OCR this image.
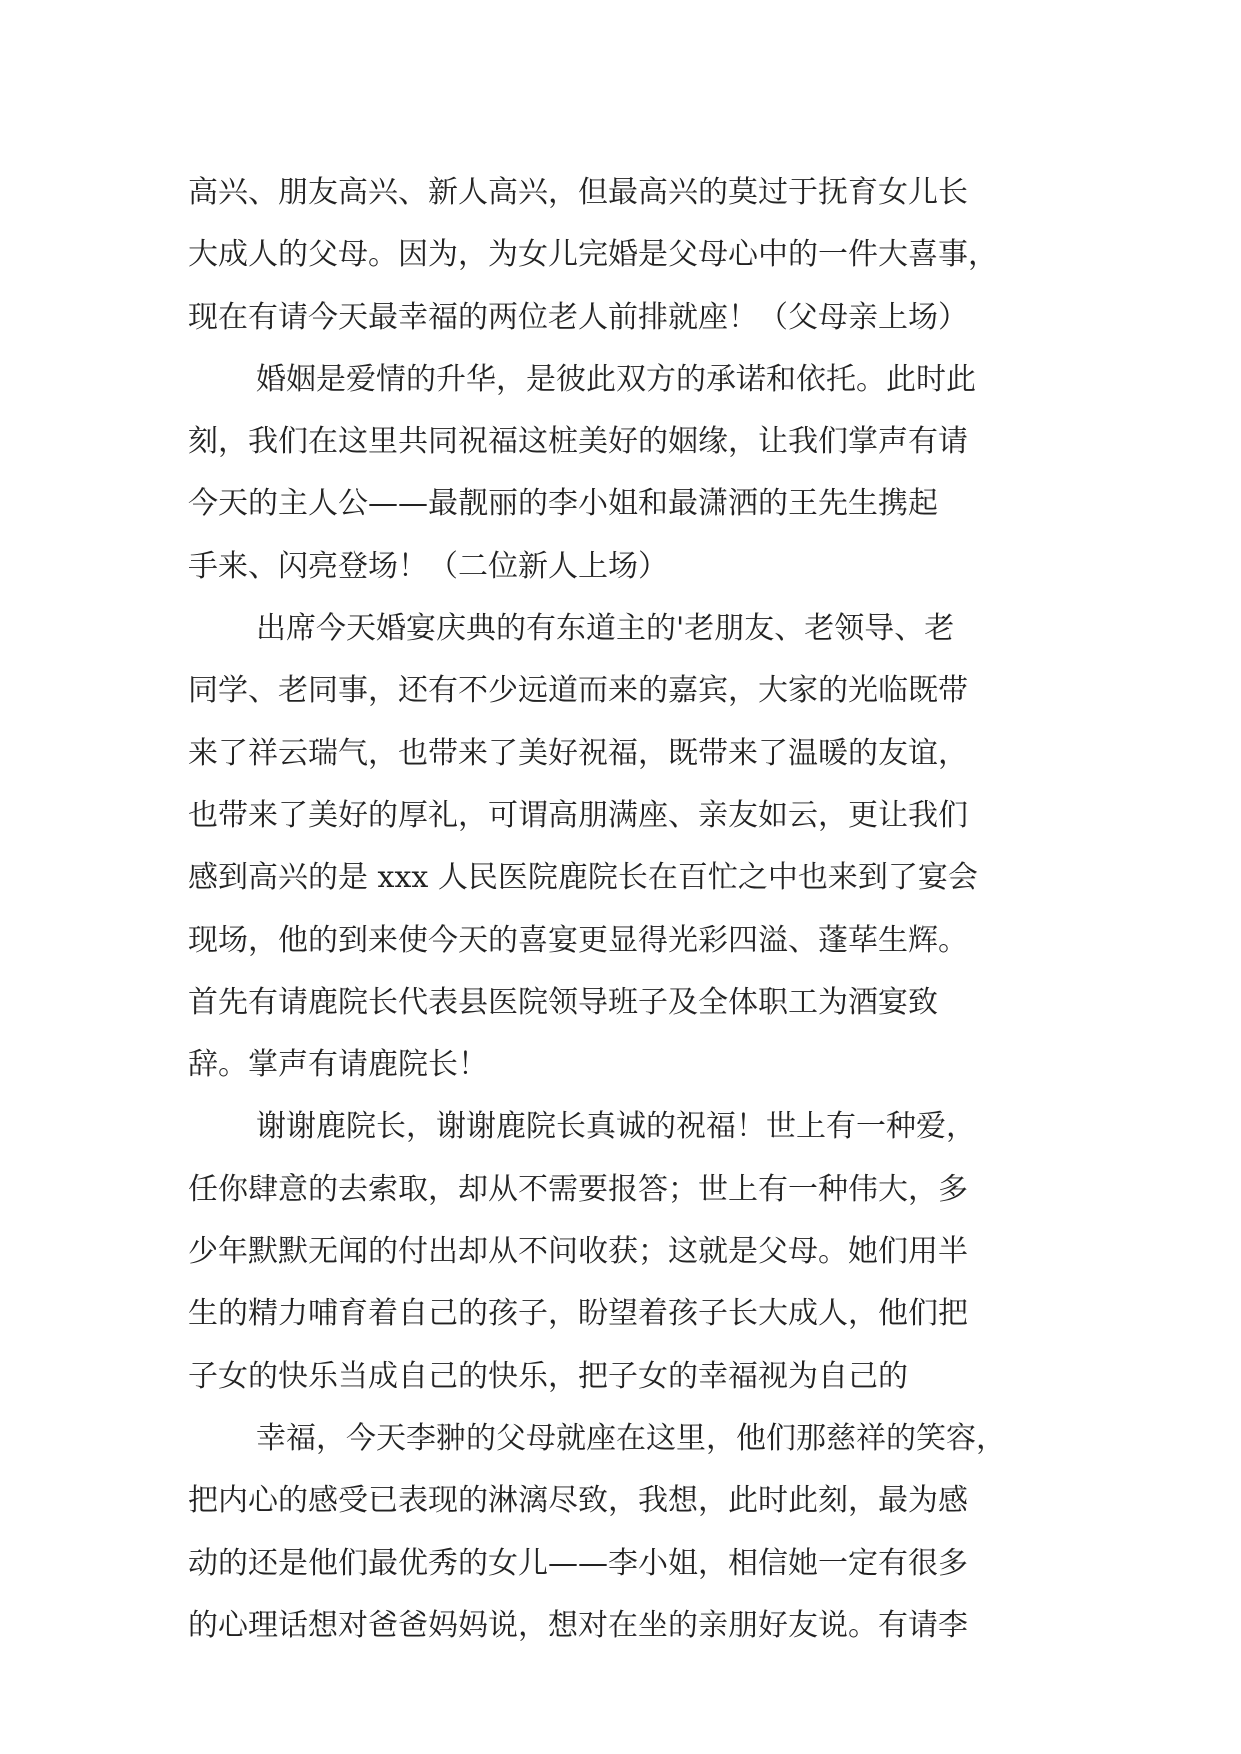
高兴、朋友高兴、新人高兴，但最高兴的莫过于抚育女儿长
大成人的父母。因为，为女儿完婚是父母心中的一件大喜事，
现在有请今天最幸福的两位老人前排就座！（父母亲上场）
婚姻是爱情的升华，是彼此双方的承诺和依托。此时此
刻，我们在这里共同祝福这桩美好的姻缘，让我们掌声有请
今天的主人公——最靓丽的李小姐和最潇洒的王先生携起
手来、闪亮登场！（二位新人上场）
出席今天婚宴庆典的有东道主的'老朋友、老领导、老
同学、老同事，还有不少远道而来的嘉宾，大家的光临既带
来了祥云瑞气，也带来了美好祝福，既带来了温暖的友谊，
也带来了美好的厚礼，可谓高朋满座、亲友如云，更让我们
感到高兴的是 xxx 人民医院鹿院长在百忙之中也来到了宴会
现场，他的到来使今天的喜宴更显得光彩四溢、蓬荜生辉。
首先有请鹿院长代表县医院领导班子及全体职工为酒宴致
辞。掌声有请鹿院长！
谢谢鹿院长，谢谢鹿院长真诚的祝福！世上有一种爱，
任你肆意的去索取，却从不需要报答；世上有一种伟大，多
少年默默无闻的付出却从不问收获；这就是父母。她们用半
生的精力哺育着自己的孩子，盼望着孩子长大成人，他们把
子女的快乐当成自己的快乐，把子女的幸福视为自己的
幸福，今天李翀的父母就座在这里，他们那慈祥的笑容，
把内心的感受已表现的淋漓尽致，我想，此时此刻，最为感
动的还是他们最优秀的女儿——李小姐，相信她一定有很多
的心理话想对爸爸妈妈说，想对在坐的亲朋好友说。有请李
